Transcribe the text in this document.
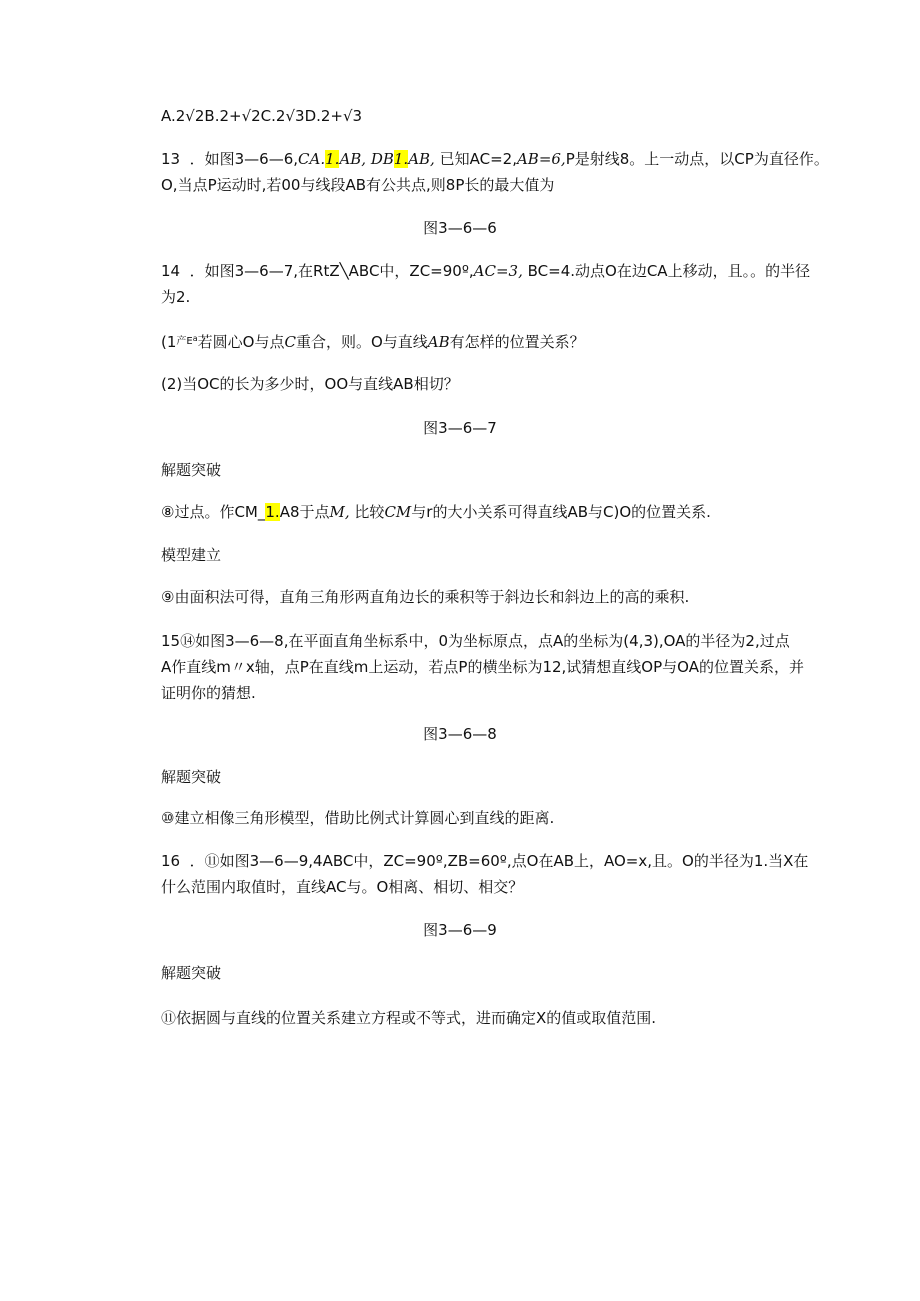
A.2√2B.2+√2C.2√3D.2+√3
13 ．如图3—6—6,CA.1.AB, DB1.AB, 已知AC=2,AB=6,P是射线8。上一动点，以CP为直径作。
O,当点P运动时,若00与线段AB有公共点,则8P长的最大值为
图3—6—6
14 ．如图3—6—7,在RtZ╲ABC中，ZC=90º,AC=3, BC=4.动点O在边CA上移动，且。。的半径
为2.
($1^{产Ea}$若圆心O与点C重合，则。O与直线AB有怎样的位置关系？
(2)当OC的长为多少时，OO与直线AB相切？
图3—6—7
解题突破
⑧过点。作CM_1.A8于点M, 比较CM与r的大小关系可得直线AB与C)O的位置关系.
模型建立
⑨由面积法可得，直角三角形两直角边长的乘积等于斜边长和斜边上的高的乘积.
15⑭如图3—6—8,在平面直角坐标系中，0为坐标原点，点A的坐标为(4,3),OA的半径为2,过点
A作直线m〃x轴，点P在直线m上运动，若点P的横坐标为12,试猜想直线OP与OA的位置关系，并
证明你的猜想.
图3—6—8
解题突破
⑩建立相像三角形模型，借助比例式计算圆心到直线的距离.
16 ．⑪如图3—6—9,4ABC中，ZC=90º,ZB=60º,点O在AB上，AO=x,且。O的半径为1.当X在
什么范围内取值时，直线AC与。O相离、相切、相交？
图3—6—9
解题突破
⑪依据圆与直线的位置关系建立方程或不等式，进而确定X的值或取值范围.
